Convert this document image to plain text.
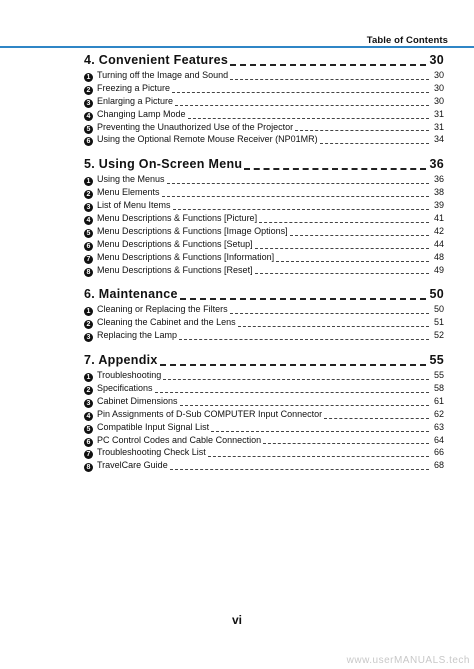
Table of Contents
4. Convenient Features	30
1 Turning off the Image and Sound	30
2 Freezing a Picture	30
3 Enlarging a Picture	30
4 Changing Lamp Mode	31
5 Preventing the Unauthorized Use of the Projector	31
6 Using the Optional Remote Mouse Receiver (NP01MR)	34
5. Using On-Screen Menu	36
1 Using the Menus	36
2 Menu Elements	38
3 List of Menu Items	39
4 Menu Descriptions & Functions [Picture]	41
5 Menu Descriptions & Functions [Image Options]	42
6 Menu Descriptions & Functions [Setup]	44
7 Menu Descriptions & Functions [Information]	48
8 Menu Descriptions & Functions [Reset]	49
6. Maintenance	50
1 Cleaning or Replacing the Filters	50
2 Cleaning the Cabinet and the Lens	51
3 Replacing the Lamp	52
7. Appendix	55
1 Troubleshooting	55
2 Specifications	58
3 Cabinet Dimensions	61
4 Pin Assignments of D-Sub COMPUTER Input Connector	62
5 Compatible Input Signal List	63
6 PC Control Codes and Cable Connection	64
7 Troubleshooting Check List	66
8 TravelCare Guide	68
vi
www.userMANUALS.tech
